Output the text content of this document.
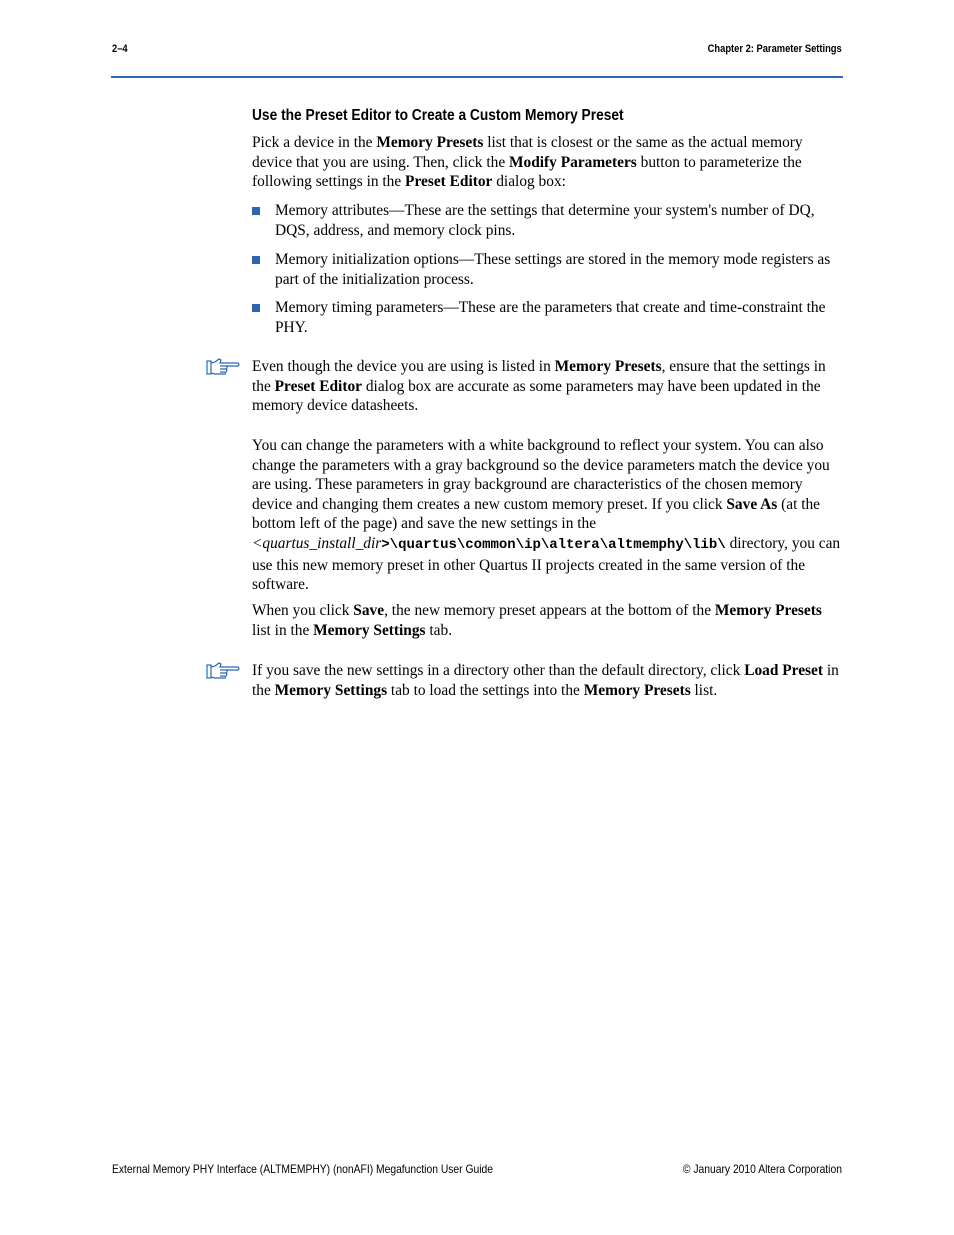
2–4	Chapter 2: Parameter Settings
Use the Preset Editor to Create a Custom Memory Preset

Pick a device in the Memory Presets list that is closest or the same as the actual memory device that you are using. Then, click the Modify Parameters button to parameterize the following settings in the Preset Editor dialog box:

Memory attributes—These are the settings that determine your system's number of DQ, DQS, address, and memory clock pins.
Memory initialization options—These settings are stored in the memory mode registers as part of the initialization process.
Memory timing parameters—These are the parameters that create and time-constraint the PHY.

Even though the device you are using is listed in Memory Presets, ensure that the settings in the Preset Editor dialog box are accurate as some parameters may have been updated in the memory device datasheets.

You can change the parameters with a white background to reflect your system. You can also change the parameters with a gray background so the device parameters match the device you are using. These parameters in gray background are characteristics of the chosen memory device and changing them creates a new custom memory preset. If you click Save As (at the bottom left of the page) and save the new settings in the <quartus_install_dir>\quartus\common\ip\altera\altmemphy\lib\ directory, you can use this new memory preset in other Quartus II projects created in the same version of the software.

When you click Save, the new memory preset appears at the bottom of the Memory Presets list in the Memory Settings tab.

If you save the new settings in a directory other than the default directory, click Load Preset in the Memory Settings tab to load the settings into the Memory Presets list.

External Memory PHY Interface (ALTMEMPHY) (nonAFI) Megafunction User Guide	© January 2010 Altera Corporation
